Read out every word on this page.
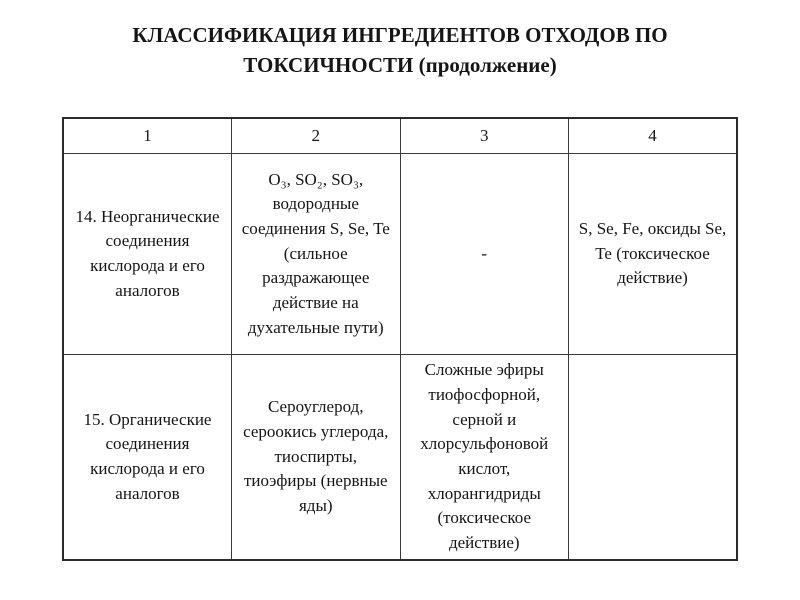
КЛАССИФИКАЦИЯ ИНГРЕДИЕНТОВ ОТХОДОВ ПО ТОКСИЧНОСТИ (продолжение)
1	2	3	4
14. Неорганические соединения кислорода и его аналогов	O₃, SO₂, SO₃, водородные соединения S, Se, Te (сильное раздражающее действие на духательные пути)	-	S, Se, Fe, оксиды Se, Te (токсическое действие)
15. Органические соединения кислорода и его аналогов	Сероуглерод, сероокись углерода, тиоспирты, тиоэфиры (нервные яды)	Сложные эфиры тиофосфорной, серной и хлорсульфоновой кислот, хлорангидриды (токсическое действие)	
